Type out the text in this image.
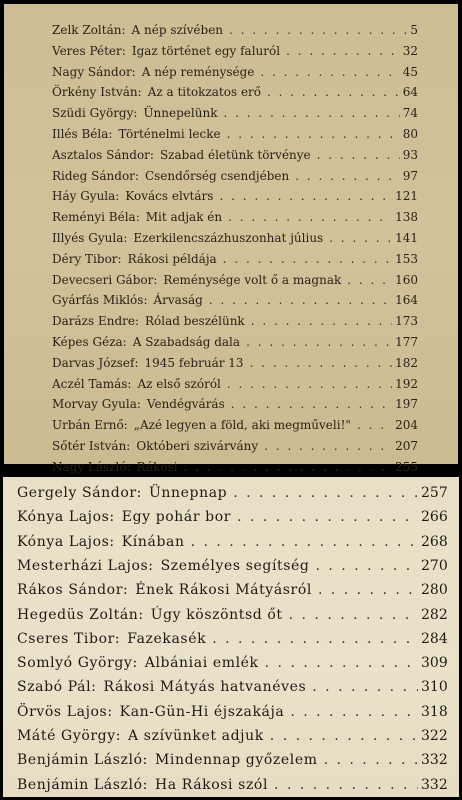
Zelk Zoltán: A nép szívében . . .	5
Veres Péter: Igaz történet egy faluról . . .	32
Nagy Sándor: A nép reménysége . . .	45
Örkény István: Az a titokzatos erő . . .	64
Szüdi György: Ünnepelünk . . .	74
Illés Béla: Történelmi lecke . . .	80
Asztalos Sándor: Szabad életünk törvénye . . .	93
Rideg Sándor: Csendőrség csendjében . . .	97
Háy Gyula: Kovács elvtárs . . .	121
Reményi Béla: Mit adjak én . . .	138
Illyés Gyula: Ezerkilencszázhuszonhat július . . .	141
Déry Tibor: Rákosi példája . . .	153
Devecseri Gábor: Reménysége volt ő a magnak . . .	160
Gyárfás Miklós: Árvaság . . .	164
Darázs Endre: Rólad beszélünk . . .	173
Képes Géza: A Szabadság dala . . .	177
Darvas József: 1945 február 13 . . .	182
Aczél Tamás: Az első szóról . . .	192
Morvay Gyula: Vendégvárás . . .	197
Urbán Ernő: „Azé legyen a föld, aki megműveli!" . . .	204
Sőtér István: Októberi szivárvány . . .	207
Nagy László: Rákosi . . .	255
Gergely Sándor: Ünnepnap . . .	257
Kónya Lajos: Egy pohár bor . . .	266
Kónya Lajos: Kínában . . .	268
Mesterházi Lajos: Személyes segítség . . .	270
Rákos Sándor: Ének Rákosi Mátyásról . . .	280
Hegedüs Zoltán: Úgy köszöntsd őt . . .	282
Cseres Tibor: Fazekasék . . .	284
Somlyó György: Albániai emlék . . .	309
Szabó Pál: Rákosi Mátyás hatvanéves . . .	310
Örvös Lajos: Kan-Gün-Hi éjszakája . . .	318
Máté György: A szívünket adjuk . . .	322
Benjámin László: Mindennap győzelem . . .	332
Benjámin László: Ha Rákosi szól . . .	332
